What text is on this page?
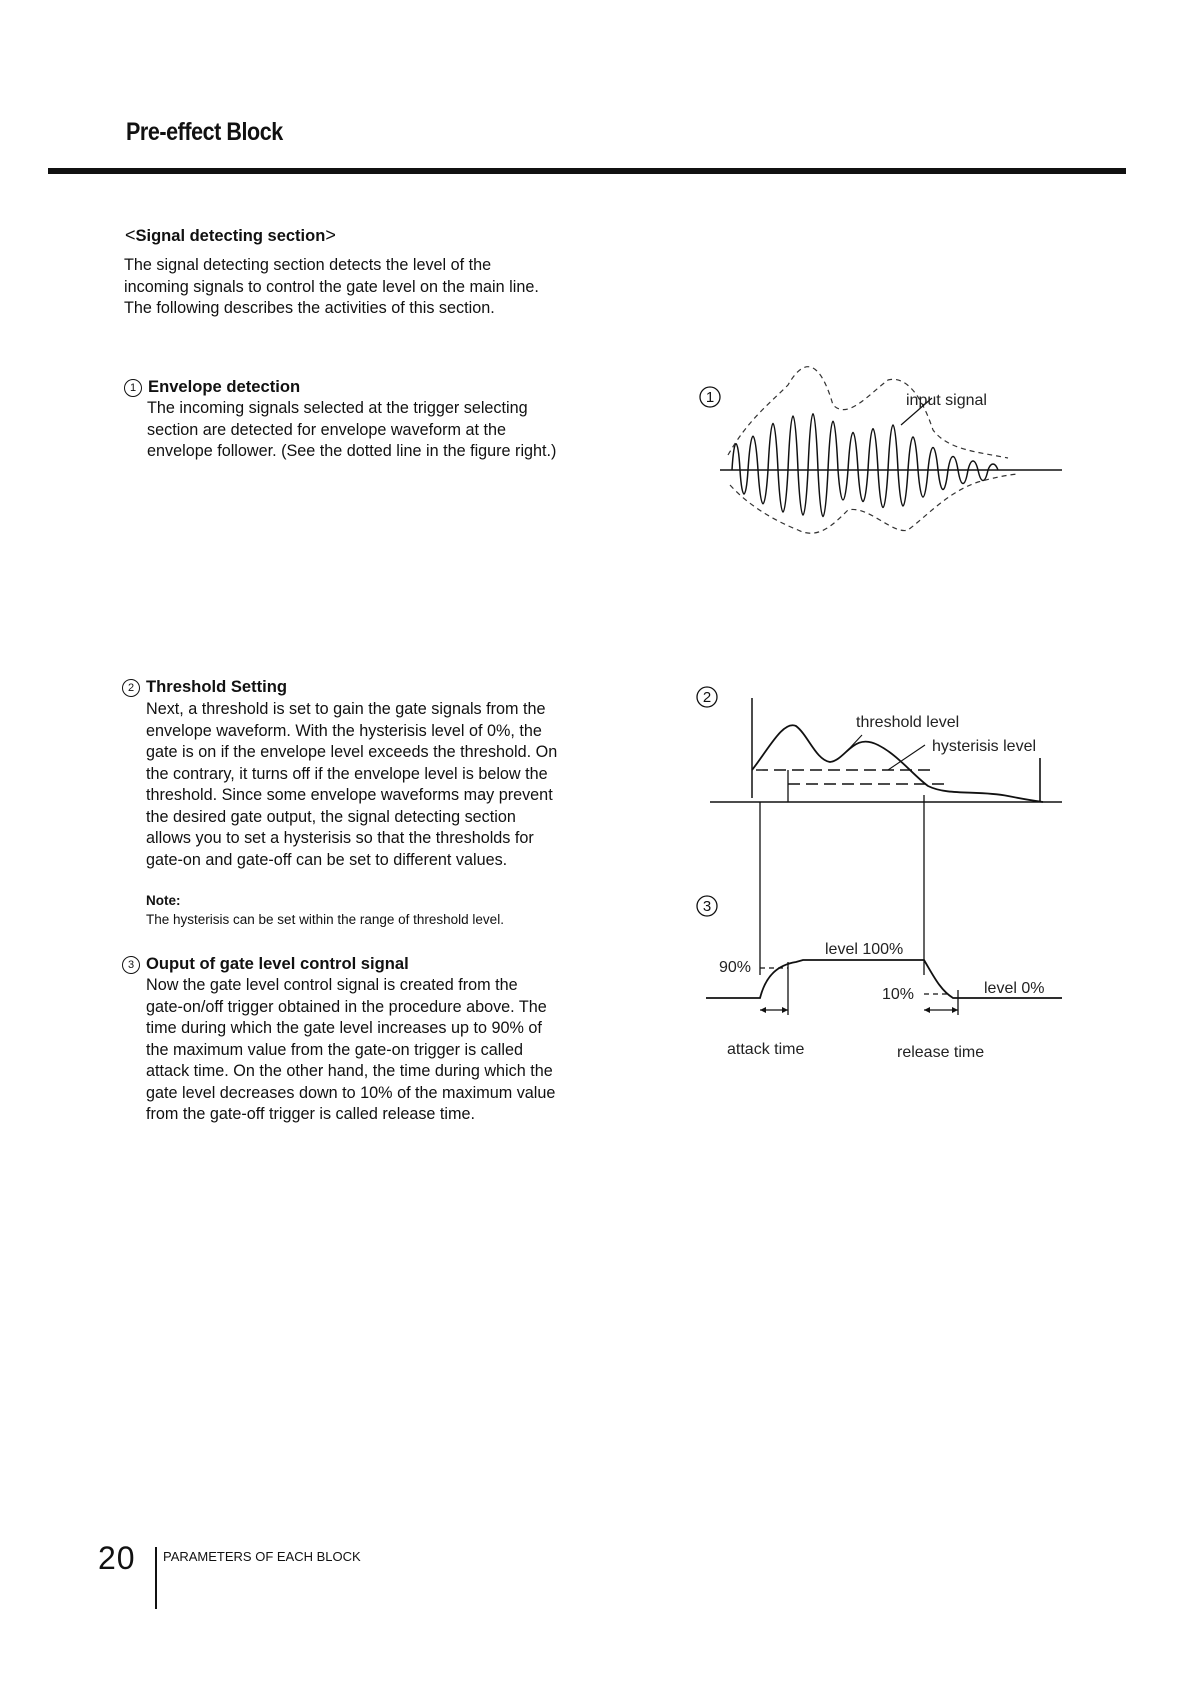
Pre-effect Block
<Signal detecting section>

The signal detecting section detects the level of the
incoming signals to control the gate level on the main line.
The following describes the activities of this section.

1 Envelope detection

The incoming signals selected at the trigger selecting
section are detected for envelope waveform at the
envelope follower. (See the dotted line in the figure right.)

2 Threshold Setting

Next, a threshold is set to gain the gate signals from the
envelope waveform. With the hysterisis level of 0%, the
gate is on if the envelope level exceeds the threshold. On
the contrary, it turns off if the envelope level is below the
threshold. Since some envelope waveforms may prevent
the desired gate output, the signal detecting section
allows you to set a hysterisis so that the thresholds for
gate-on and gate-off can be set to different values.

Note:
The hysterisis can be set within the range of threshold level.
3 Ouput of gate level control signal

Now the gate level control signal is created from the
gate-on/off trigger obtained in the procedure above. The
time during which the gate level increases up to 90% of
the maximum value from the gate-on trigger is called
attack time. On the other hand, the time during which the
gate level decreases down to 10% of the maximum value
from the gate-off trigger is called release time.

1	input signal
2
threshold level
hysterisis level
3
level 100%
90%
10%	level 0%
attack time	release time
20 PARAMETERS OF EACH BLOCK
